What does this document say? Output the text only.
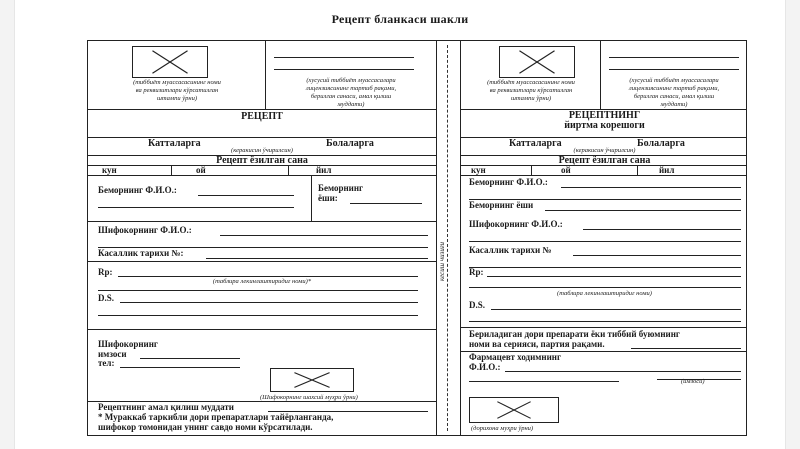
Рецепт бланкаси шакли
(тиббиёт муассасасининг номи
ва реквизитлари кўрсатилган
штампи ўрни)
(хусусий тиббиёт муассасалари
лицензиясининг тартиб рақами,
берилган санаси, амал қилиш
муддати)
РЕЦЕПТ
Катталарга	Болаларга
(керакисин ўчирилсин)
Рецепт ёзилган сана
кун	ой	йил
Беморнинг Ф.И.О.:	Беморнинг
ёши:
Шифокорнинг Ф.И.О.:
Касаллик тарихи №:
Rp:
(таблира лекинлаштиридиг номи)*
D.S.
Шифокорнинг
имзоси
тел:
(Шифокорнинг шахсий муҳри ўрни)
Рецептнинг амал қилиш муддати
* Мураккаб таркибли дори препаратлари тайёрланганда,
шифокор томонидан унинг савдо номи кўрсатилади.
кесиш чизиғи
(тиббиёт муассасасининг номи
ва реквизитлари кўрсатилган
штампи ўрни)
(хусусий тиббиёт муассасалари
лицензиясининг тартиб рақами,
берилган санаси, амал қилиш
муддати)
РЕЦЕПТНИНГ
йиртма корешоги
Катталарга	Болаларга
(керакисин ўчирилсин)
Рецепт ёзилган сана
кун	ой	йил
Беморнинг Ф.И.О.:
Беморнинг ёши
Шифокорнинг Ф.И.О.:
Касаллик тарихи №
Rp:
(таблира лекинлаштиридиг номи)
D.S.
Бериладиган дори препарати ёки тиббий буюмнинг
номи ва серияси, партия рақами.
Фармацевт ходимнинг
Ф.И.О.:
(имзоси)
(дорихона муҳри ўрни)
